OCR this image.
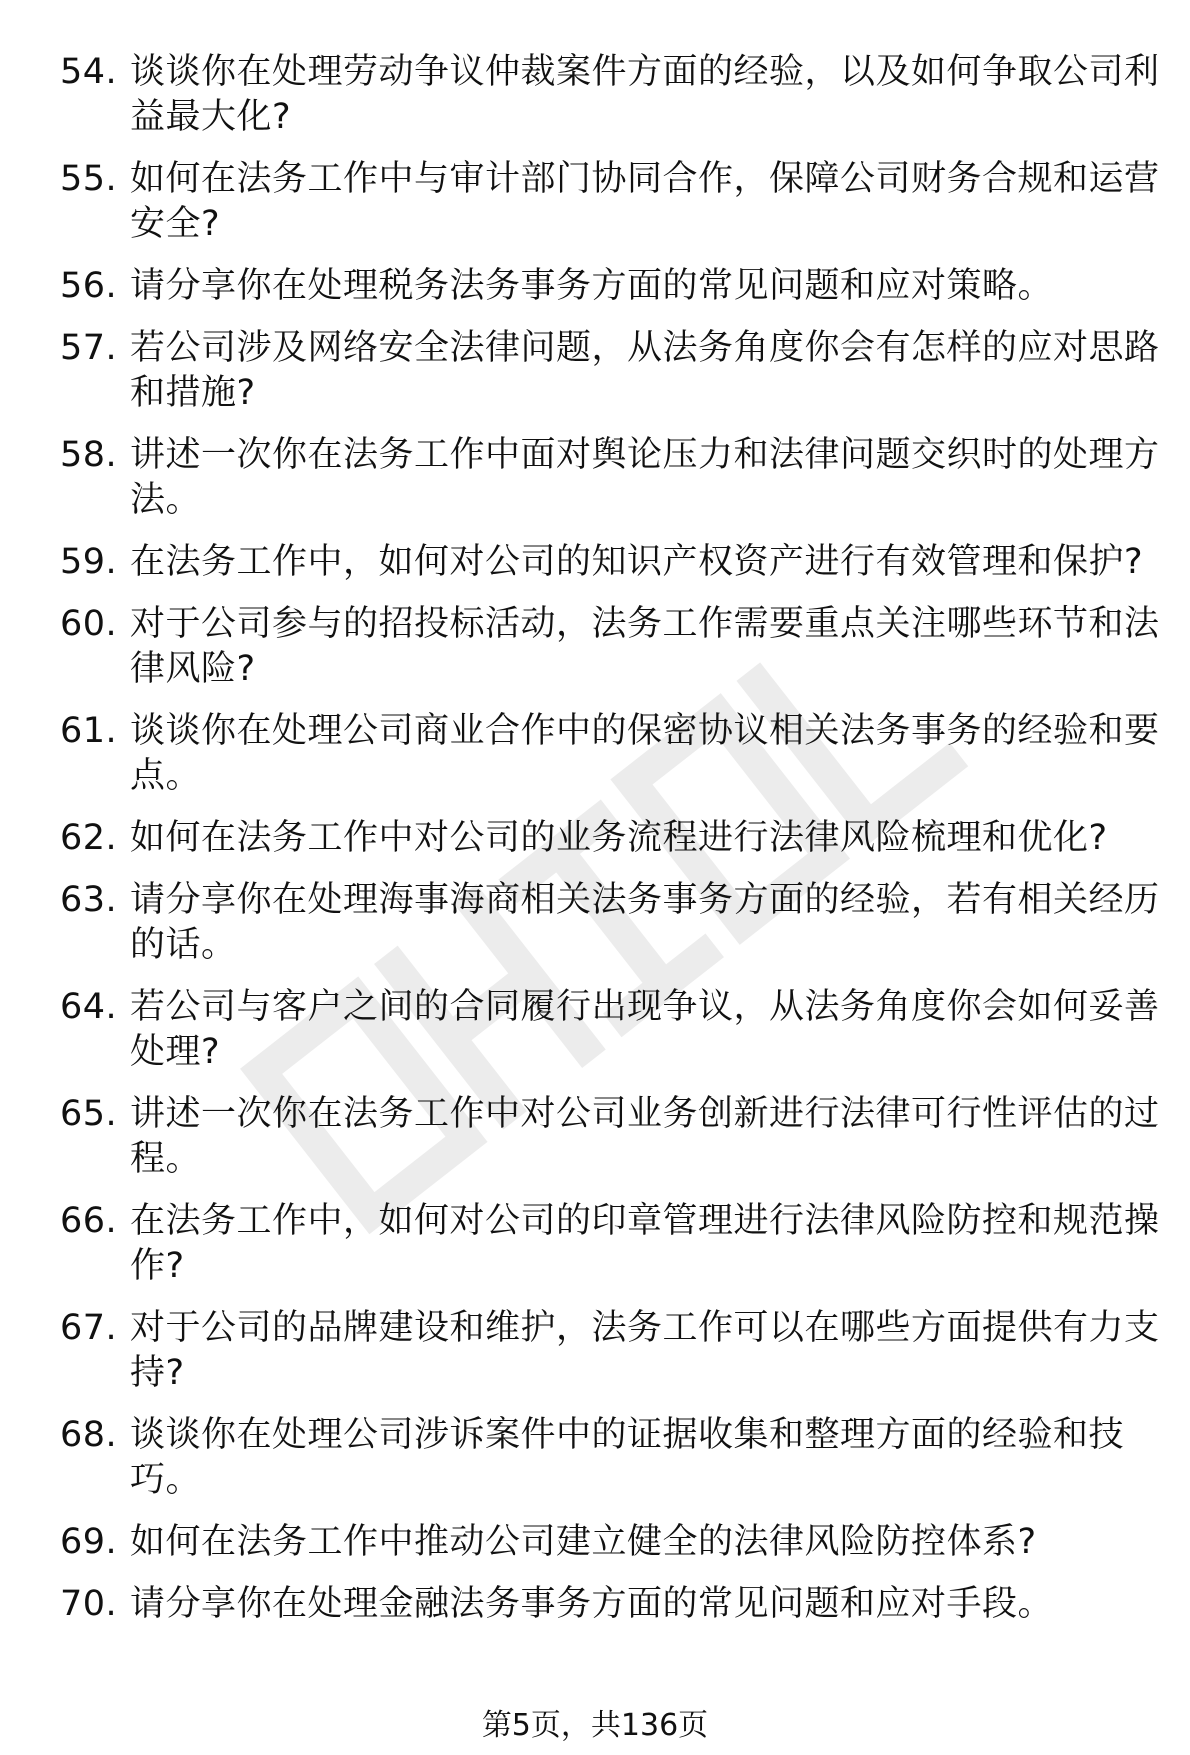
54. 谈谈你在处理劳动争议仲裁案件方面的经验，以及如何争取公司利益最大化?
55. 如何在法务工作中与审计部门协同合作，保障公司财务合规和运营安全?
56. 请分享你在处理税务法务事务方面的常见问题和应对策略。
57. 若公司涉及网络安全法律问题，从法务角度你会有怎样的应对思路和措施?
58. 讲述一次你在法务工作中面对舆论压力和法律问题交织时的处理方法。
59. 在法务工作中，如何对公司的知识产权资产进行有效管理和保护?
60. 对于公司参与的招投标活动，法务工作需要重点关注哪些环节和法律风险?
61. 谈谈你在处理公司商业合作中的保密协议相关法务事务的经验和要点。
62. 如何在法务工作中对公司的业务流程进行法律风险梳理和优化?
63. 请分享你在处理海事海商相关法务事务方面的经验，若有相关经历的话。
64. 若公司与客户之间的合同履行出现争议，从法务角度你会如何妥善处理?
65. 讲述一次你在法务工作中对公司业务创新进行法律可行性评估的过程。
66. 在法务工作中，如何对公司的印章管理进行法律风险防控和规范操作?
67. 对于公司的品牌建设和维护，法务工作可以在哪些方面提供有力支持?
68. 谈谈你在处理公司涉诉案件中的证据收集和整理方面的经验和技巧。
69. 如何在法务工作中推动公司建立健全的法律风险防控体系?
70. 请分享你在处理金融法务事务方面的常见问题和应对手段。
第5页，共136页
